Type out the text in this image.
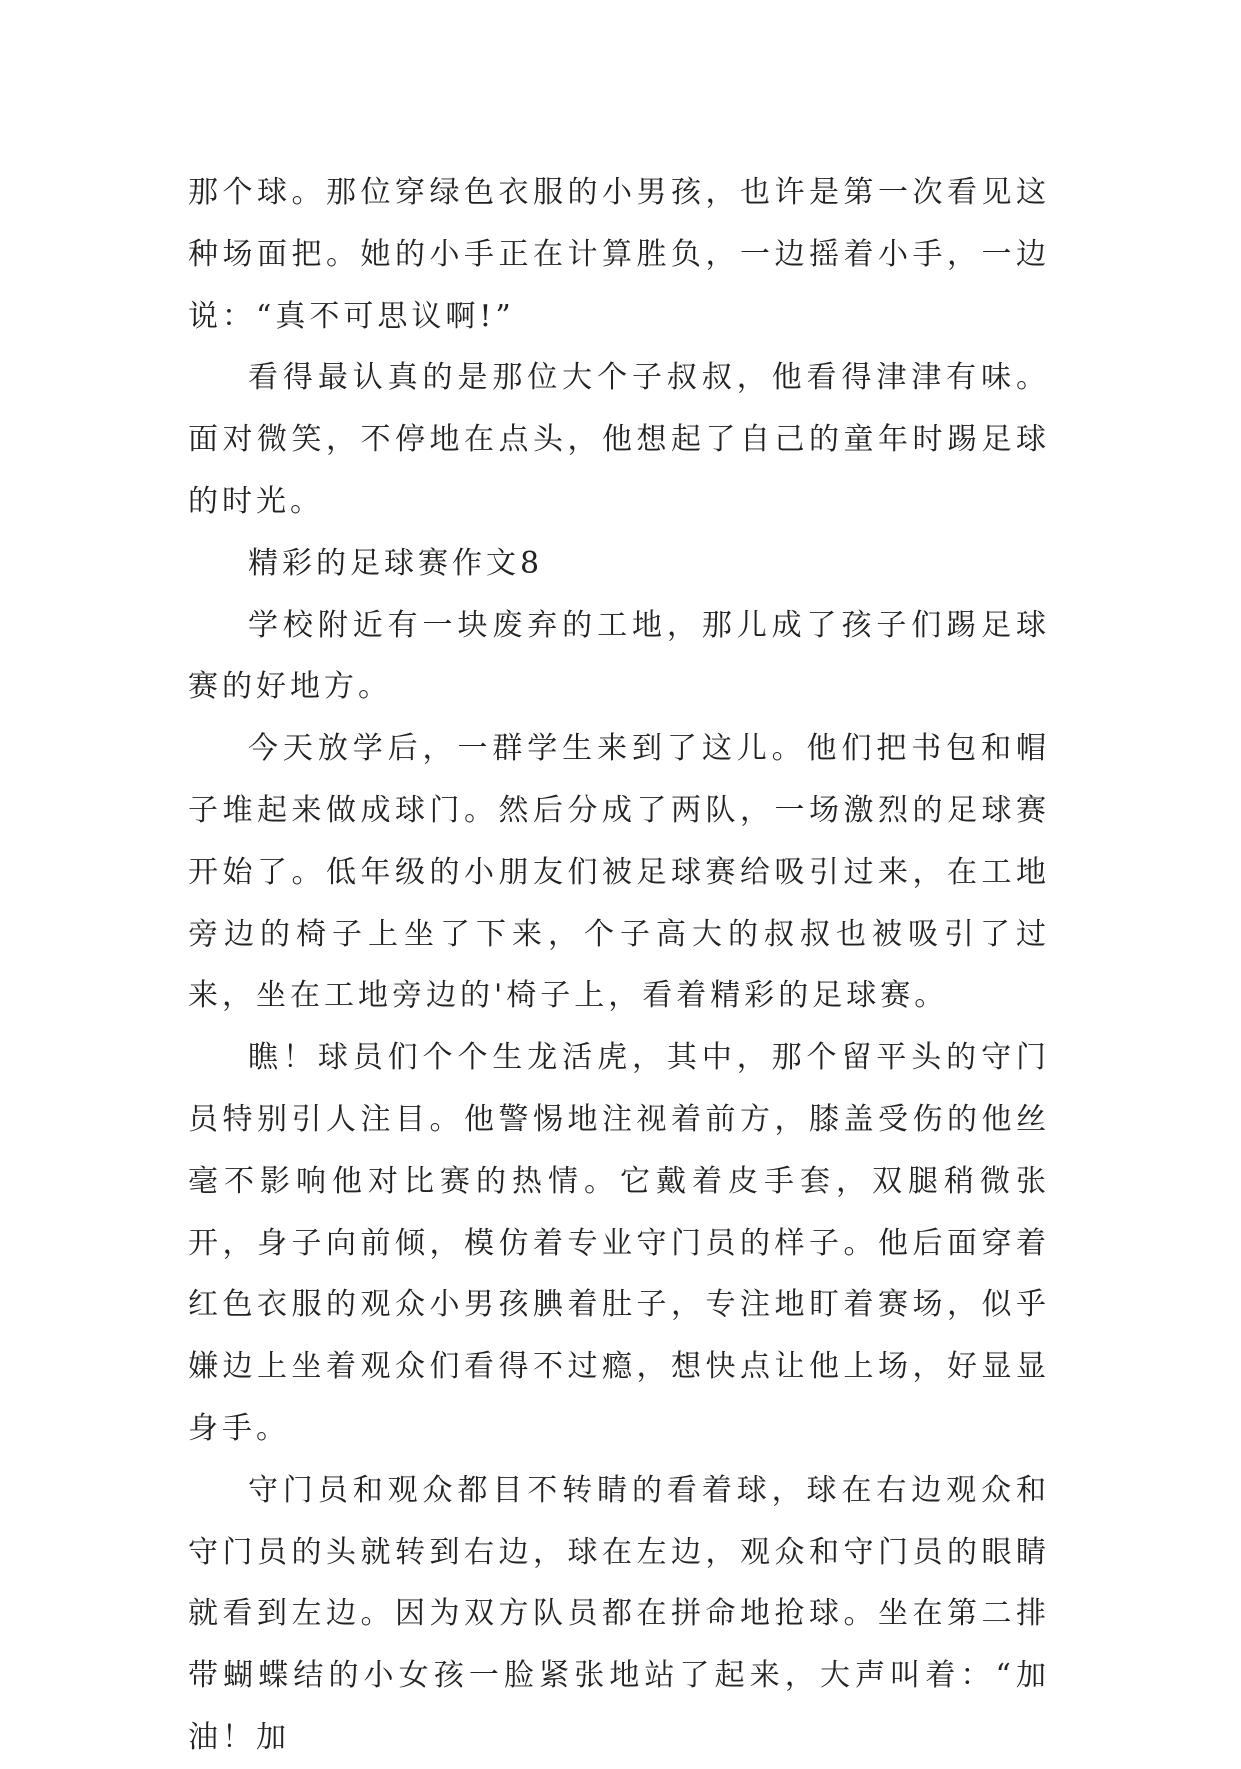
那个球。那位穿绿色衣服的小男孩，也许是第一次看见这种场面把。她的小手正在计算胜负，一边摇着小手，一边说：“真不可思议啊!”

看得最认真的是那位大个子叔叔，他看得津津有味。面对微笑，不停地在点头，他想起了自己的童年时踢足球的时光。

精彩的足球赛作文8

学校附近有一块废弃的工地，那儿成了孩子们踢足球赛的好地方。

今天放学后，一群学生来到了这儿。他们把书包和帽子堆起来做成球门。然后分成了两队，一场激烈的足球赛开始了。低年级的小朋友们被足球赛给吸引过来，在工地旁边的椅子上坐了下来，个子高大的叔叔也被吸引了过来，坐在工地旁边的'椅子上，看着精彩的足球赛。

瞧！球员们个个生龙活虎，其中，那个留平头的守门员特别引人注目。他警惕地注视着前方，膝盖受伤的他丝毫不影响他对比赛的热情。它戴着皮手套，双腿稍微张开，身子向前倾，模仿着专业守门员的样子。他后面穿着红色衣服的观众小男孩腆着肚子，专注地盯着赛场，似乎嫌边上坐着观众们看得不过瘾，想快点让他上场，好显显身手。

守门员和观众都目不转睛的看着球，球在右边观众和守门员的头就转到右边，球在左边，观众和守门员的眼睛就看到左边。因为双方队员都在拼命地抢球。坐在第二排带蝴蝶结的小女孩一脸紧张地站了起来，大声叫着：“加油！加
